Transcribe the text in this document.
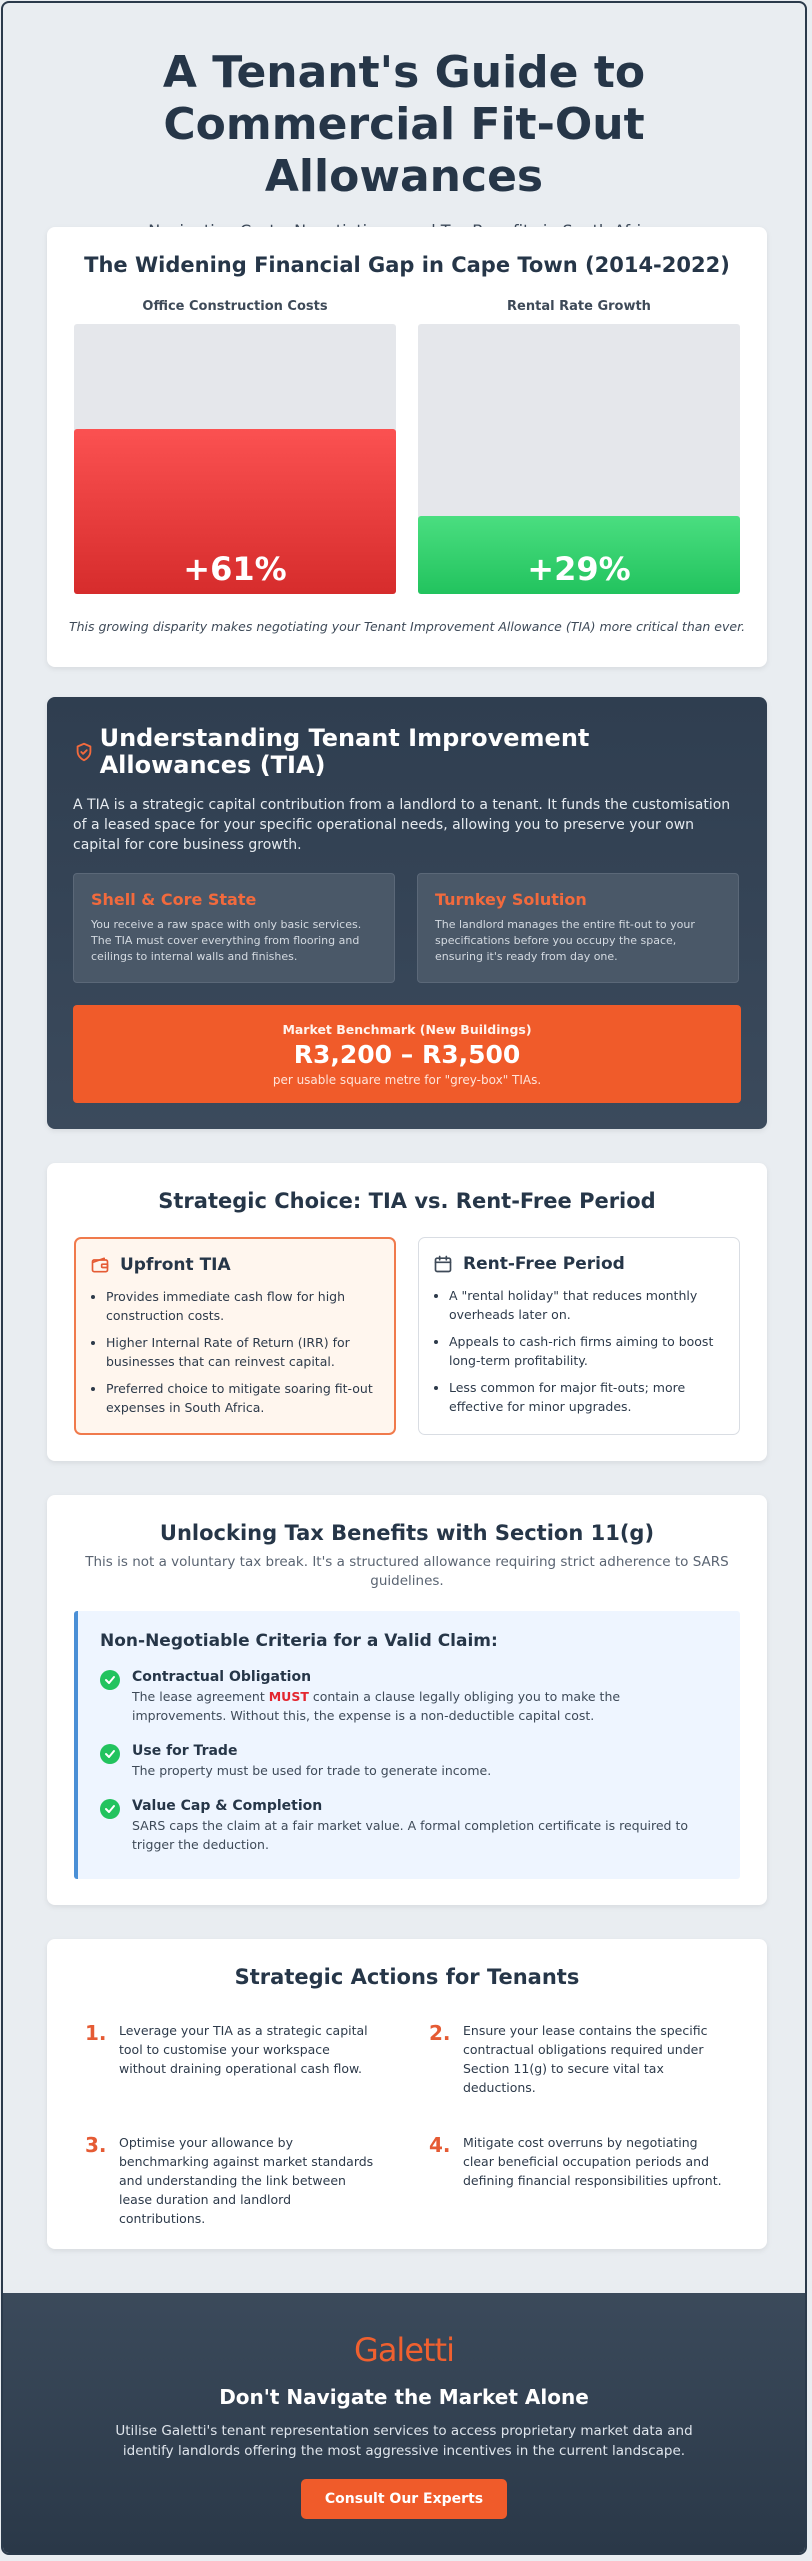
A Tenant's Guide to Commercial Fit-Out Allowances
The Widening Financial Gap in Cape Town (2014-2022)
Office Construction Costs
+61%
Rental Rate Growth
+29%
This growing disparity makes negotiating your Tenant Improvement Allowance (TIA) more critical than ever.
Understanding Tenant Improvement Allowances (TIA)
A TIA is a strategic capital contribution from a landlord to a tenant. It funds the customisation of a leased space for your specific operational needs, allowing you to preserve your own capital for core business growth.
Shell & Core State

You receive a raw space with only basic services. The TIA must cover everything from flooring and ceilings to internal walls and finishes.

Turnkey Solution

The landlord manages the entire fit-out to your specifications before you occupy the space, ensuring it's ready from day one.

Market Benchmark (New Buildings)
R3,200 – R3,500
per usable square metre for "grey-box" TIAs.
Strategic Choice: TIA vs. Rent-Free Period
Upfront TIA
• Provides immediate cash flow for high construction costs.
• Higher Internal Rate of Return (IRR) for businesses that can reinvest capital.
• Preferred choice to mitigate soaring fit-out expenses in South Africa.
Rent-Free Period
• A "rental holiday" that reduces monthly overheads later on.
• Appeals to cash-rich firms aiming to boost long-term profitability.
• Less common for major fit-outs; more effective for minor upgrades.
Unlocking Tax Benefits with Section 11(g)
This is not a voluntary tax break. It's a structured allowance requiring strict adherence to SARS guidelines.
Non-Negotiable Criteria for a Valid Claim:
Contractual Obligation
The lease agreement MUST contain a clause legally obliging you to make the improvements. Without this, the expense is a non-deductible capital cost.
Use for Trade
The property must be used for trade to generate income.
Value Cap & Completion
SARS caps the claim at a fair market value. A formal completion certificate is required to trigger the deduction.
Strategic Actions for Tenants
1. Leverage your TIA as a strategic capital tool to customise your workspace without draining operational cash flow.
2. Ensure your lease contains the specific contractual obligations required under Section 11(g) to secure vital tax deductions.
3. Optimise your allowance by benchmarking against market standards and understanding the link between lease duration and landlord contributions.
4. Mitigate cost overruns by negotiating clear beneficial occupation periods and defining financial responsibilities upfront.
Galetti
Don't Navigate the Market Alone
Utilise Galetti's tenant representation services to access proprietary market data and identify landlords offering the most aggressive incentives in the current landscape.
Consult Our Experts
